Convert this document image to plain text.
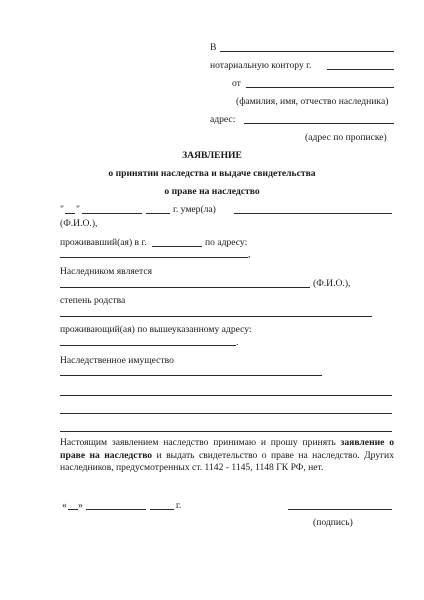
В
нотариальную контору г.
от
(фамилия, имя, отчество наследника)
адрес:
(адрес по прописке)
ЗАЯВЛЕНИЕ
о принятии наследства и выдаче свидетельства
о праве на наследство
" "	г. умер(ла)
(Ф.И.О.),
проживавший(ая) в г.	по адресу:
,
Наследником является
(Ф.И.О.),
степень родства
проживающий(ая) по вышеуказанному адресу:
.
Наследственное имущество
Настоящим заявлением наследство принимаю и прошу принять заявление о праве на наследство и выдать свидетельство о праве на наследство. Других наследников, предусмотренных ст. 1142 - 1145, 1148 ГК РФ, нет.
« »	г.
(подпись)
